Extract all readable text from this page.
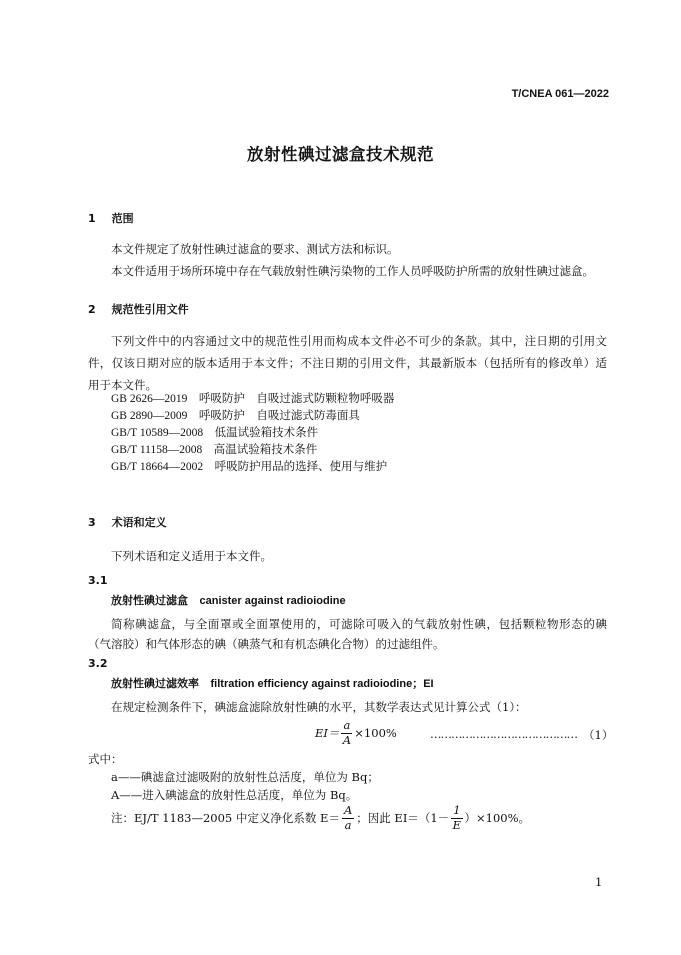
T/CNEA 061—2022
放射性碘过滤盒技术规范
1 范围
本文件规定了放射性碘过滤盒的要求、测试方法和标识。
本文件适用于场所环境中存在气载放射性碘污染物的工作人员呼吸防护所需的放射性碘过滤盒。
2 规范性引用文件
下列文件中的内容通过文中的规范性引用而构成本文件必不可少的条款。其中，注日期的引用文
件，仅该日期对应的版本适用于本文件；不注日期的引用文件，其最新版本（包括所有的修改单）适
用于本文件。
GB 2626—2019　 呼吸防护　自吸过滤式防颗粒物呼吸器
GB 2890—2009　 呼吸防护　自吸过滤式防毒面具
GB/T 10589—2008　 低温试验箱技术条件
GB/T 11158—2008　 高温试验箱技术条件
GB/T 18664—2002　 呼吸防护用品的选择、使用与维护
3 术语和定义
下列术语和定义适用于本文件。
3.1
放射性碘过滤盒 canister against radioiodine
简称碘滤盒，与全面罩或全面罩使用的，可滤除可吸入的气载放射性碘，包括颗粒物形态的碘
（气溶胶）和气体形态的碘（碘蒸气和有机态碘化合物）的过滤组件。
3.2
放射性碘过滤效率 filtration efficiency against radioiodine；EI
在规定检测条件下，碘滤盒滤除放射性碘的水平，其数学表达式见计算公式（1）：
$EI= \frac{a}{A} \times 100\%$	…………………………………… （1）
式中：
a——碘滤盒过滤吸附的放射性总活度，单位为 Bq；
A——进入碘滤盒的放射性总活度，单位为 Bq。
注：EJ/T 1183—2005 中定义净化系数 $E= \frac{A}{a}$ ；因此 $EI=(1- \frac{1}{E} )\times 100\%$。
1
